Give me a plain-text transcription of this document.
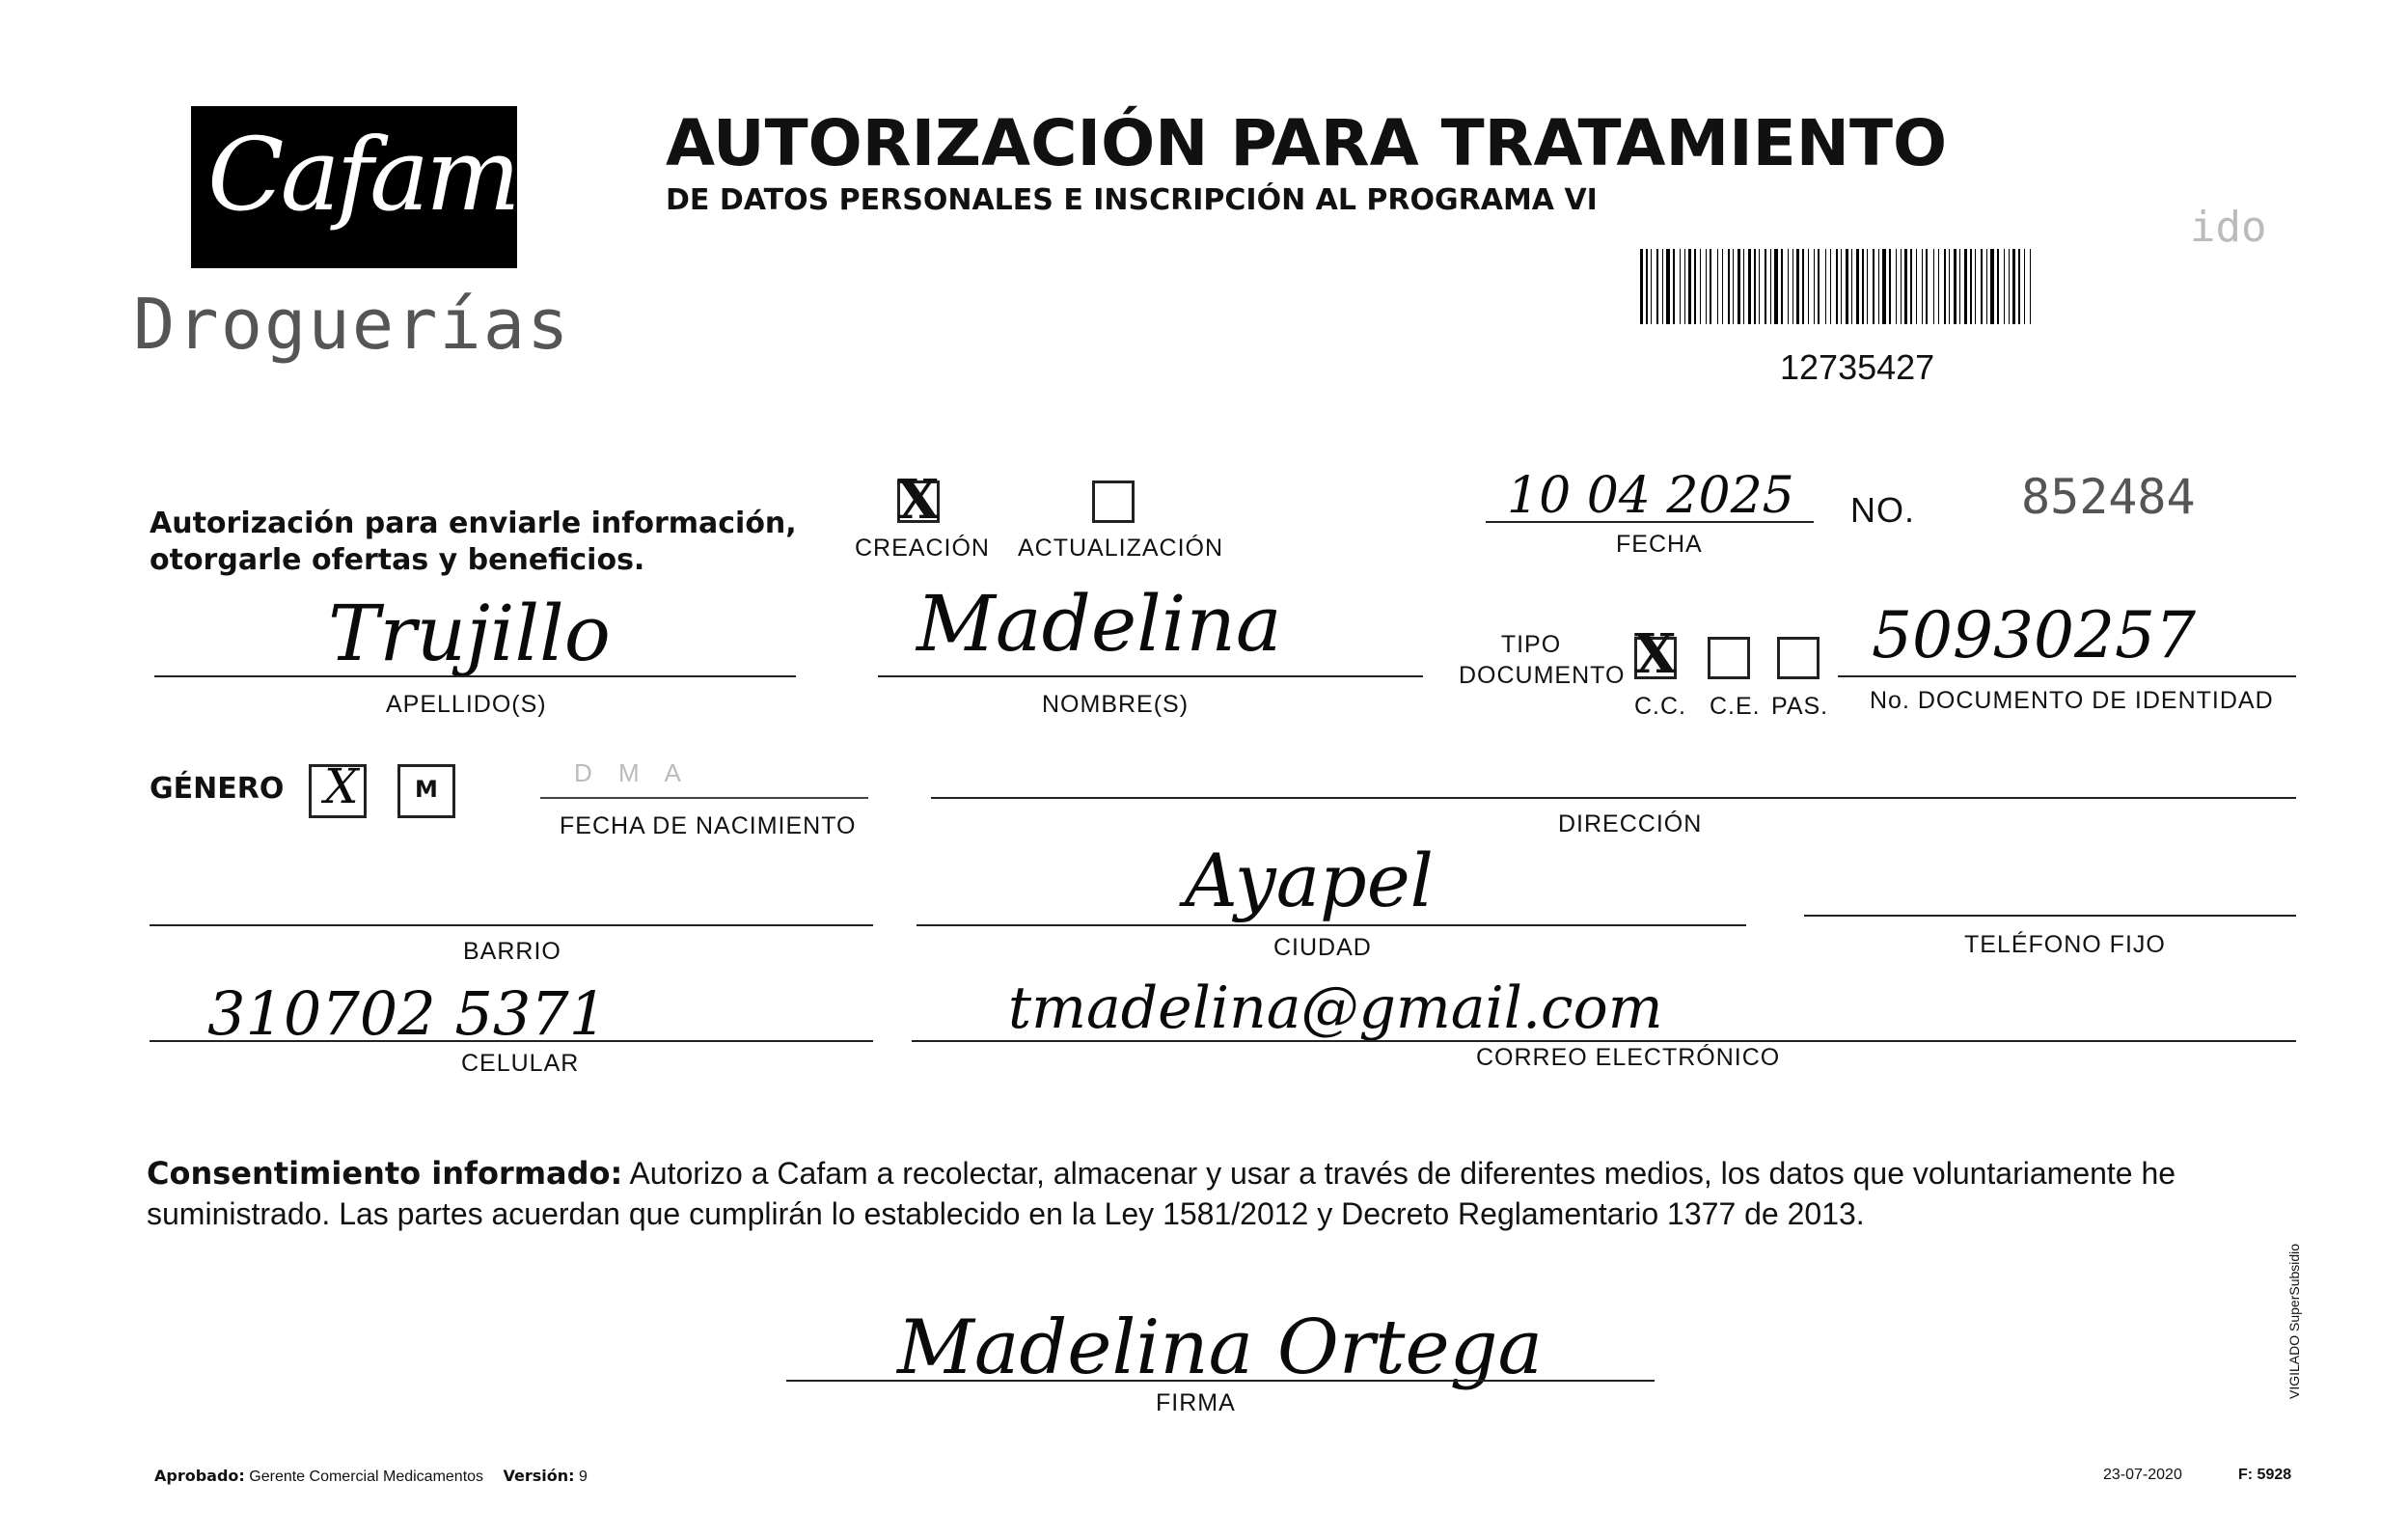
Cafam
Droguerías
AUTORIZACIÓN PARA TRATAMIENTO
DE DATOS PERSONALES E INSCRIPCIÓN AL PROGRAMA VI
ido
12735427
Autorización para enviarle información, otorgarle ofertas y beneficios.
X
CREACIÓN ACTUALIZACIÓN
10 04 2025
FECHA
NO. 852484
Trujillo
APELLIDO(S)
Madelina
NOMBRE(S)
TIPO DOCUMENTO X
C.C. C.E. PAS.
50930257
No. DOCUMENTO DE IDENTIDAD
GÉNERO X M
D M A
FECHA DE NACIMIENTO	DIRECCIÓN
BARRIO
Ayapel
CIUDAD	TELÉFONO FIJO
310702 5371
CELULAR
tmadelina@gmail.com
CORREO ELECTRÓNICO
Consentimiento informado: Autorizo a Cafam a recolectar, almacenar y usar a través de diferentes medios, los datos que voluntariamente he suministrado. Las partes acuerdan que cumplirán lo establecido en la Ley 1581/2012 y Decreto Reglamentario 1377 de 2013.
Madelina Ortega
FIRMA
Aprobado: Gerente Comercial Medicamentos Versión: 9	23-07-2020	F: 5928
VIGILADO SuperSubsidio
